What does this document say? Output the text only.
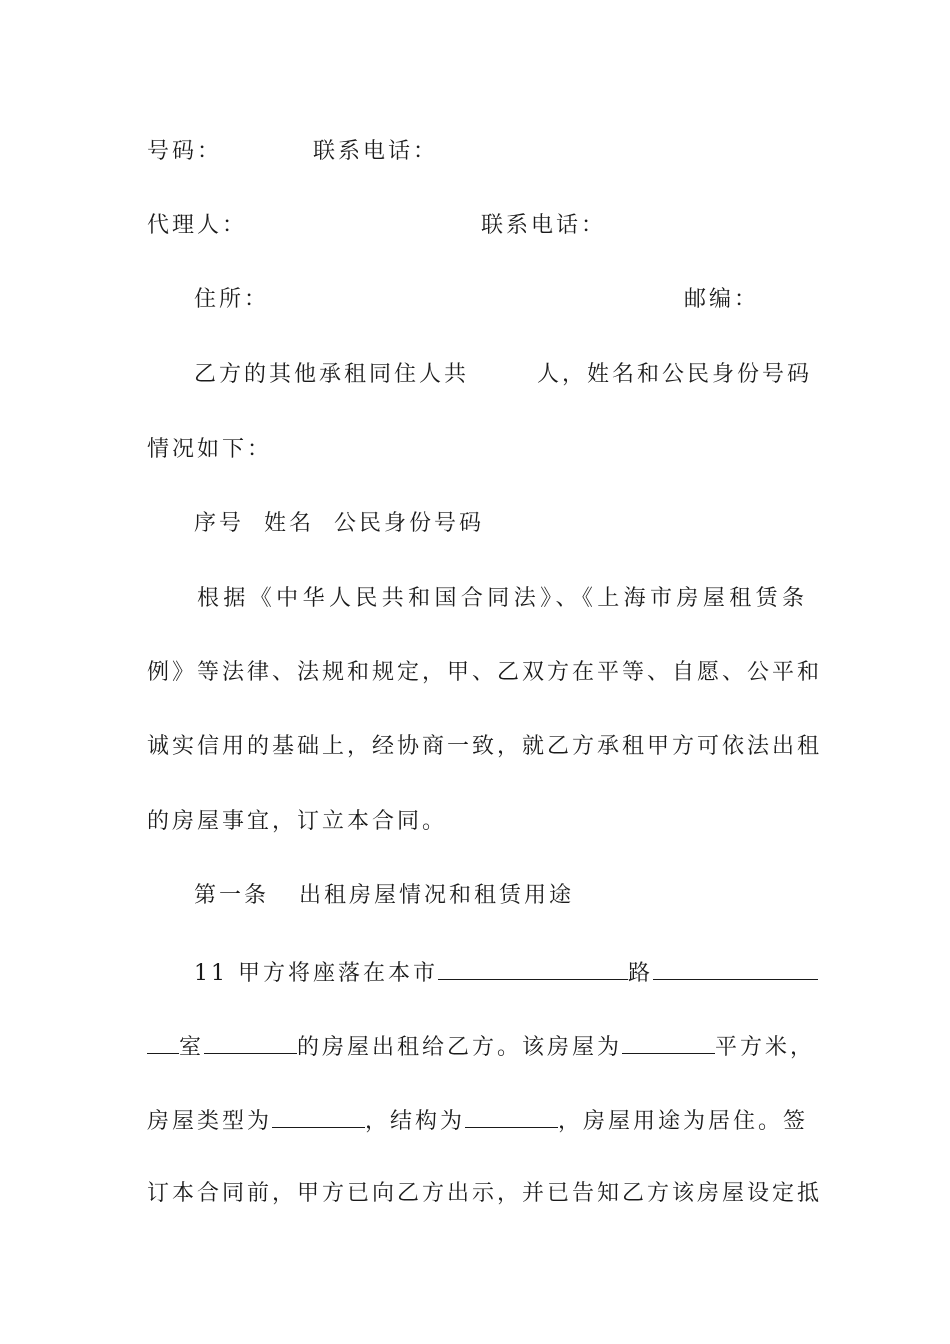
号码：	联系电话：
代理人：	联系电话：
住所：	邮编：
乙方的其他承租同住人共	人，姓名和公民身份号码
情况如下：
序号  姓名  公民身份号码
根据《中华人民共和国合同法》、《上海市房屋租赁条
例》等法律、法规和规定，甲、乙双方在平等、自愿、公平和
诚实信用的基础上，经协商一致，就乙方承租甲方可依法出租
的房屋事宜，订立本合同。
第一条   出租房屋情况和租赁用途
11 甲方将座落在本市	路
室	的房屋出租给乙方。该房屋为	平方米，
房屋类型为	，结构为	，房屋用途为居住。签
订本合同前，甲方已向乙方出示，并已告知乙方该房屋设定抵
